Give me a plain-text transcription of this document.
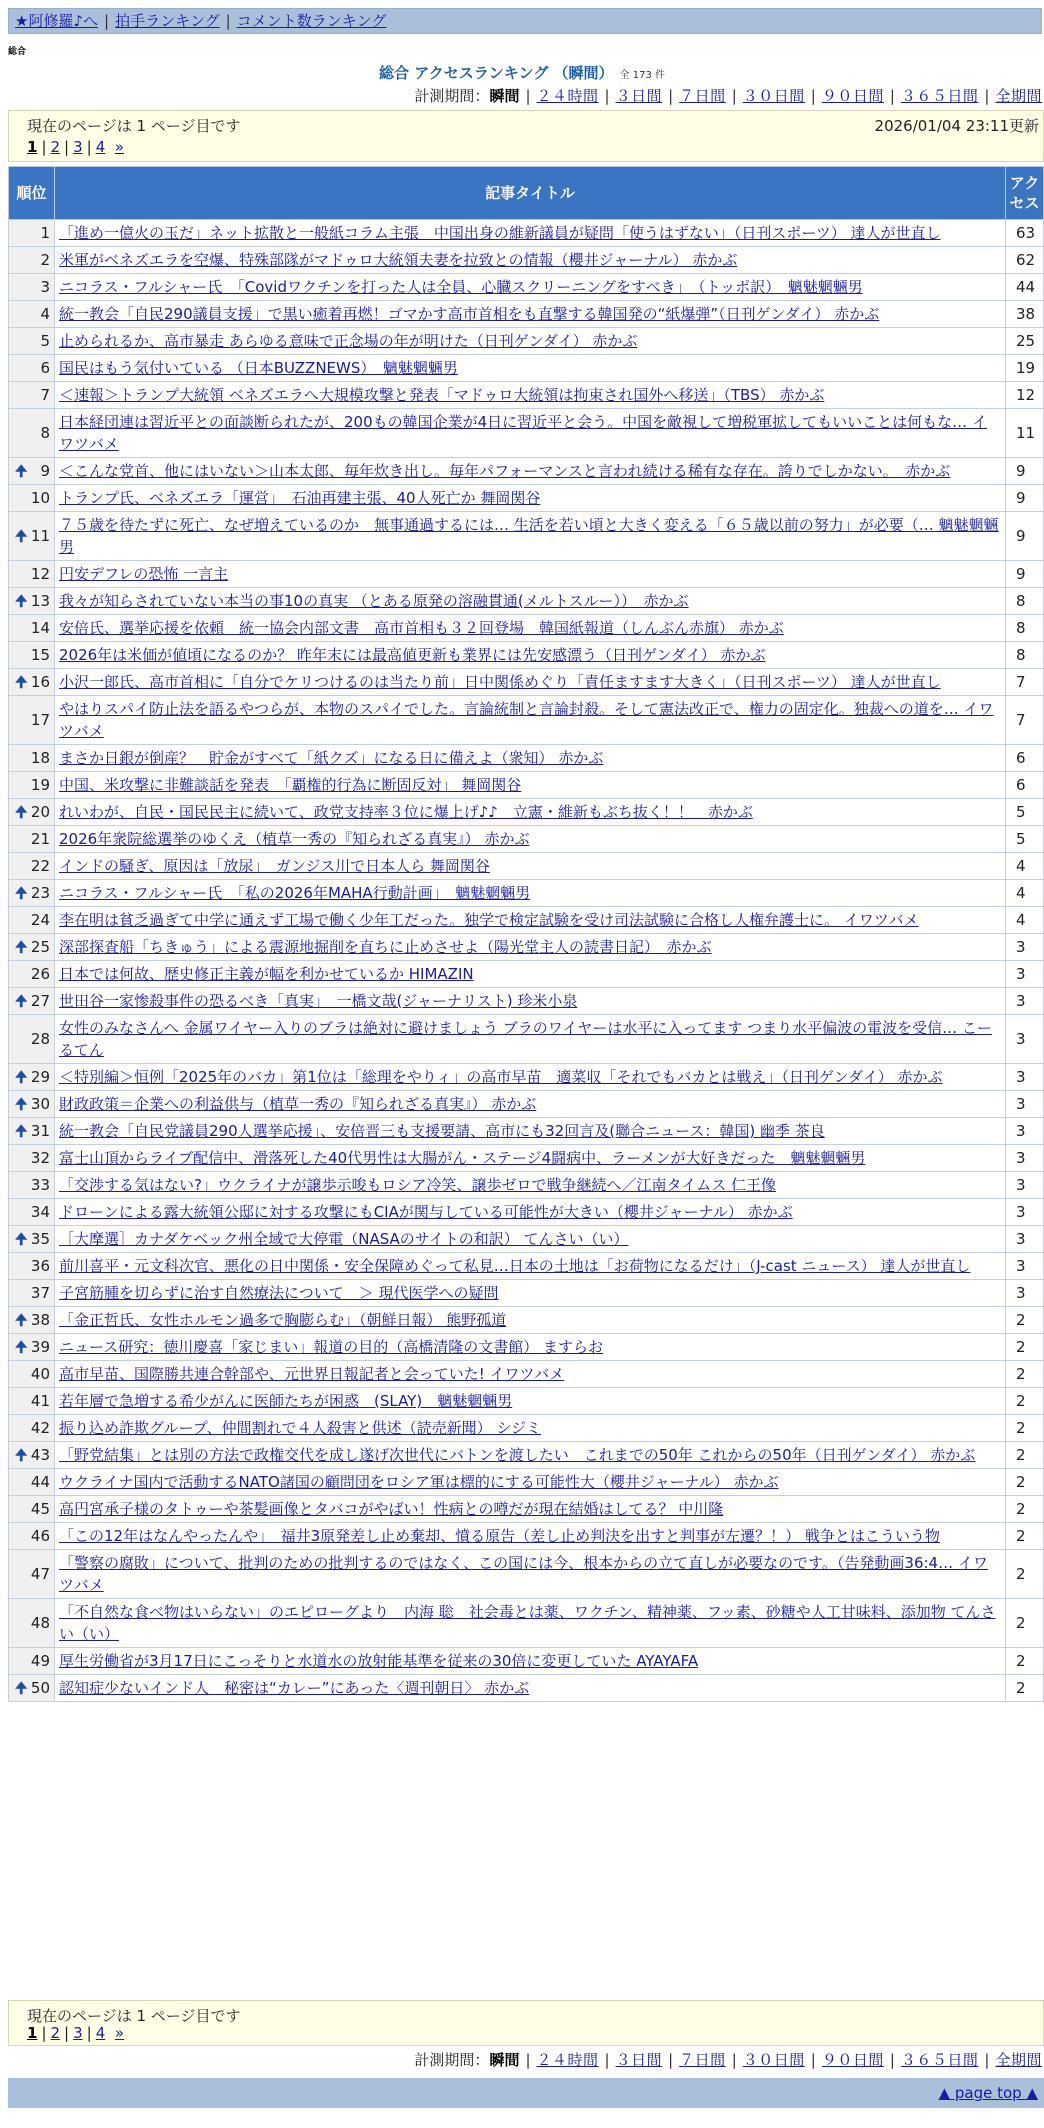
★阿修羅♪へ | 拍手ランキング | コメント数ランキング
総合
総合 アクセスランキング （瞬間） 全 173 件
計測期間：瞬間 | ２４時間 | ３日間 | ７日間 | ３０日間 | ９０日間 | ３６５日間 | 全期間
現在のページは 1 ページ目です	2026/01/04 23:11更新
1 | 2 | 3 | 4 »
順位	記事タイトル	アク
セス
1	「進め一億火の玉だ」ネット拡散と一般紙コラム主張　中国出身の維新議員が疑問「使うはずない」（日刊スポーツ） 達人が世直し	63
2	米軍がベネズエラを空爆、特殊部隊がマドゥロ大統領夫妻を拉致との情報（櫻井ジャーナル） 赤かぶ	62
3	ニコラス・フルシャー氏　「Covidワクチンを打った人は全員、心臓スクリーニングをすべき」　（トッポ訳）　魑魅魍魎男	44
4	統一教会「自民290議員支援」で黒い癒着再燃！ゴマかす高市首相をも直撃する韓国発の“紙爆弾”（日刊ゲンダイ） 赤かぶ	38
5	止められるか、高市暴走 あらゆる意味で正念場の年が明けた（日刊ゲンダイ） 赤かぶ	25
6	国民はもう気付いている （日本BUZZNEWS）　魑魅魍魎男	19
7	＜速報＞トランプ大統領 ベネズエラへ大規模攻撃と発表「マドゥロ大統領は拘束され国外へ移送」（TBS） 赤かぶ	12
8	日本経団連は習近平との面談断られたが、200もの韓国企業が4日に習近平と会う。中国を敵視して増税軍拡してもいいことは何もな… イワツバメ	11

🠉 9	＜こんな党首、他にはいない＞山本太郎、毎年炊き出し。毎年パフォーマンスと言われ続ける稀有な存在。誇りでしかない。　赤かぶ	9
10	トランプ氏、ベネズエラ「運営」　石油再建主張、40人死亡か 舞岡関谷	9

🠉 11	７５歳を待たずに死亡、なぜ増えているのか　無事通過するには… 生活を若い頃と大きく変える「６５歳以前の努力」が必要（… 魑魅魍魎男	9
12	円安デフレの恐怖 一言主	9

🠉 13	我々が知らされていない本当の事10の真実 （とある原発の溶融貫通(メルトスルー））　赤かぶ	8
14	安倍氏、選挙応援を依頼　統一協会内部文書　高市首相も３２回登場　韓国紙報道（しんぶん赤旗） 赤かぶ	8
15	2026年は米価が値頃になるのか？ 昨年末には最高値更新も業界には先安感漂う（日刊ゲンダイ） 赤かぶ	8

🠉 16	小沢一郎氏、高市首相に「自分でケリつけるのは当たり前」日中関係めぐり「責任ますます大きく」（日刊スポーツ） 達人が世直し	7
17	やはりスパイ防止法を語るやつらが、本物のスパイでした。言論統制と言論封殺。そして憲法改正で、権力の固定化。独裁への道を… イワツバメ	7
18	まさか日銀が倒産？　貯金がすべて「紙クズ」になる日に備えよ（衆知） 赤かぶ	6
19	中国、米攻撃に非難談話を発表　「覇権的行為に断固反対」 舞岡関谷	6

🠉 20	れいわが、自民・国民民主に続いて、政党支持率３位に爆上げ♪♪　立憲・維新もぶち抜く！！　赤かぶ	5
21	2026年衆院総選挙のゆくえ（植草一秀の『知られざる真実』） 赤かぶ	5
22	インドの騒ぎ、原因は「放尿」　ガンジス川で日本人ら 舞岡関谷	4

🠉 23	ニコラス・フルシャー氏　「私の2026年MAHA行動計画」　魑魅魍魎男	4
24	李在明は貧乏過ぎて中学に通えず工場で働く少年工だった。独学で検定試験を受け司法試験に合格し人権弁護士に。 イワツバメ	4

🠉 25	深部探査船「ちきゅう」による震源地掘削を直ちに止めさせよ（陽光堂主人の読書日記）　赤かぶ	3
26	日本では何故、歴史修正主義が幅を利かせているか HIMAZIN	3

🠉 27	世田谷一家惨殺事件の恐るべき「真実」　一橋文哉(ジャーナリスト) 珍米小泉	3
28	女性のみなさんへ 金属ワイヤー入りのブラは絶対に避けましょう ブラのワイヤーは水平に入ってます つまり水平偏波の電波を受信… こーるてん	3

🠉 29	＜特別編＞恒例「2025年のバカ」第1位は「総理をやりィ」の高市早苗　適菜収「それでもバカとは戦え」（日刊ゲンダイ） 赤かぶ	3

🠉 30	財政政策＝企業への利益供与（植草一秀の『知られざる真実』） 赤かぶ	3

🠉 31	統一教会「自民党議員290人選挙応援」、安倍晋三も支援要請、高市にも32回言及(聯合ニュース：韓国) 幽季 茶良	3
32	富士山頂からライブ配信中、滑落死した40代男性は大腸がん・ステージ4闘病中、ラーメンが大好きだった　魑魅魍魎男	3
33	「交渉する気はない?」ウクライナが譲歩示唆もロシア冷笑、譲歩ゼロで戦争継続へ／江南タイムス 仁王像	3
34	ドローンによる露大統領公邸に対する攻撃にもCIAが関与している可能性が大きい（櫻井ジャーナル） 赤かぶ	3

🠉 35	［大摩選］カナダケベック州全域で大停電（NASAのサイトの和訳） てんさい（い）	3
36	前川喜平・元文科次官、悪化の日中関係・安全保障めぐって私見…日本の土地は「お荷物になるだけ」（J-cast ニュース） 達人が世直し	3
37	子宮筋腫を切らずに治す自然療法について　＞ 現代医学への疑問	3

🠉 38	「金正哲氏、女性ホルモン過多で胸膨らむ」（朝鮮日報） 熊野孤道	2

🠉 39	ニュース研究：徳川慶喜「家じまい」報道の目的（高橋清隆の文書館） ますらお	2
40	高市早苗、国際勝共連合幹部や、元世界日報記者と会っていた! イワツバメ	2
41	若年層で急増する希少がんに医師たちが困惑　(SLAY)　魑魅魍魎男	2
42	振り込め詐欺グループ、仲間割れで４人殺害と供述（読売新聞） シジミ	2

🠉 43	「野党結集」とは別の方法で政権交代を成し遂げ次世代にバトンを渡したい　これまでの50年 これからの50年（日刊ゲンダイ） 赤かぶ	2
44	ウクライナ国内で活動するNATO諸国の顧問団をロシア軍は標的にする可能性大（櫻井ジャーナル） 赤かぶ	2
45	高円宮承子様のタトゥーや茶髪画像とタバコがやばい！性病との噂だが現在結婚はしてる？ 中川隆	2
46	「この12年はなんやったんや」　福井3原発差し止め棄却、憤る原告（差し止め判決を出すと判事が左遷？！） 戦争とはこういう物	2
47	「警察の腐敗」について、批判のための批判するのではなく、この国には今、根本からの立て直しが必要なのです。（告発動画36:4… イワツバメ	2
48	「不自然な食べ物はいらない」のエピローグより　内海 聡　社会毒とは薬、ワクチン、精神薬、フッ素、砂糖や人工甘味料、添加物 てんさい（い）	2
49	厚生労働省が3月17日にこっそりと水道水の放射能基準を従来の30倍に変更していた AYAYAFA	2

🠉 50	認知症少ないインド人　秘密は“カレー”にあった〈週刊朝日〉 赤かぶ	2
現在のページは 1 ページ目です
1 | 2 | 3 | 4 »
計測期間：瞬間 | ２４時間 | ３日間 | ７日間 | ３０日間 | ９０日間 | ３６５日間 | 全期間
▲ page top ▲
